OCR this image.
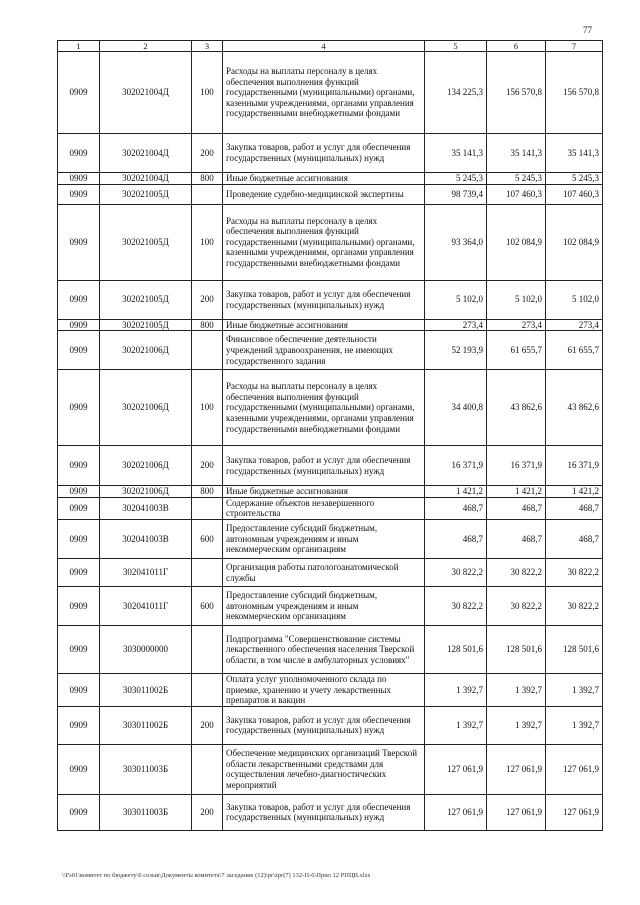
77
1	2	3	4	5	6	7
0909	302021004Д	100	Расходы на выплаты персоналу в целях обеспечения выполнения функций государственными (муниципальными) органами, казенными учреждениями, органами управления государственными внебюджетными фондами	134 225,3	156 570,8	156 570,8
0909	302021004Д	200	Закупка товаров, работ и услуг для обеспечения государственных (муниципальных) нужд	35 141,3	35 141,3	35 141,3
0909	302021004Д	800	Иные бюджетные ассигнования	5 245,3	5 245,3	5 245,3
0909	302021005Д		Проведение судебно-медицинской экспертизы	98 739,4	107 460,3	107 460,3
0909	302021005Д	100	Расходы на выплаты персоналу в целях обеспечения выполнения функций государственными (муниципальными) органами, казенными учреждениями, органами управления государственными внебюджетными фондами	93 364,0	102 084,9	102 084,9
0909	302021005Д	200	Закупка товаров, работ и услуг для обеспечения государственных (муниципальных) нужд	5 102,0	5 102,0	5 102,0
0909	302021005Д	800	Иные бюджетные ассигнования	273,4	273,4	273,4
0909	302021006Д		Финансовое обеспечение деятельности учреждений здравоохранения, не имеющих государственного задания	52 193,9	61 655,7	61 655,7
0909	302021006Д	100	Расходы на выплаты персоналу в целях обеспечения выполнения функций государственными (муниципальными) органами, казенными учреждениями, органами управления государственными внебюджетными фондами	34 400,8	43 862,6	43 862,6
0909	302021006Д	200	Закупка товаров, работ и услуг для обеспечения государственных (муниципальных) нужд	16 371,9	16 371,9	16 371,9
0909	302021006Д	800	Иные бюджетные ассигнования	1 421,2	1 421,2	1 421,2
0909	302041003В		Содержание объектов незавершенного строительства	468,7	468,7	468,7
0909	302041003В	600	Предоставление субсидий бюджетным, автономным учреждениям и иным некоммерческим организациям	468,7	468,7	468,7
0909	302041011Г		Организация работы патологоанатомической службы	30 822,2	30 822,2	30 822,2
0909	302041011Г	600	Предоставление субсидий бюджетным, автономным учреждениям и иным некоммерческим организациям	30 822,2	30 822,2	30 822,2
0909	3030000000		Подпрограмма "Совершенствование системы лекарственного обеспечения населения Тверской области, в том числе в амбулаторных условиях"	128 501,6	128 501,6	128 501,6
0909	303011002Б		Оплата услуг уполномоченного склада по приемке, хранению и учету лекарственных препаратов и вакцин	1 392,7	1 392,7	1 392,7
0909	303011002Б	200	Закупка товаров, работ и услуг для обеспечения государственных (муниципальных) нужд	1 392,7	1 392,7	1 392,7
0909	303011003Б		Обеспечение медицинских организаций Тверской области лекарственными средствами для осуществления лечебно-диагностических мероприятий	127 061,9	127 061,9	127 061,9
0909	303011003Б	200	Закупка товаров, работ и услуг для обеспечения государственных (муниципальных) нужд	127 061,9	127 061,9	127 061,9
\\Fs01\комитет по бюджету\6 созыв\Документы комитета\7 заседание (12)\pr\zpr(7) 132-П-6\Прил 12 РПЦВ.xlsx
